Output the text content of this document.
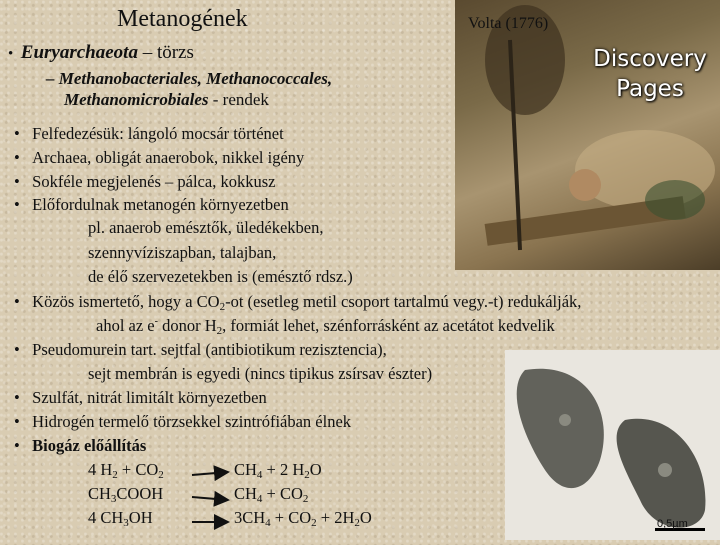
Discovery
Pages
Volta (1776)
0,5µm
Metanogének
•  Euryarchaeota – törzs
– Methanobacteriales, Methanococcales,
Methanomicrobiales - rendek
•   Felfedezésük: lángoló mocsár történet
•   Archaea, obligát anaerobok, nikkel igény
•   Sokféle megjelenés – pálca, kokkusz
•   Előfordulnak metanogén környezetben
pl. anaerob emésztők, üledékekben,
szennyvíziszapban, talajban,
de élő szervezetekben is (emésztő rdsz.)
•   Közös ismertető, hogy a $CO_2-ot$ (esetleg metil csoport tartalmú vegy.-t) redukálják,
ahol az e- donor $H_2$, formiát lehet, szénforrásként az acetátot kedvelik
•   Pseudomurein tart. sejtfal (antibiotikum rezisztencia),
sejt membrán is egyedi (nincs tipikus zsírsav észter)
•   Szulfát, nitrát limitált környezetben
•   Hidrogén termelő törzsekkel szintrófiában élnek
•   Biogáz előállítás
4 $H_2 + CO_2$	$CH_4 + 2$ $H_2O$
$CH_3COOH$	$CH_4 + CO_2$
4 $CH_3OH$	$3CH_4 + CO_2 + 2H_2O$
